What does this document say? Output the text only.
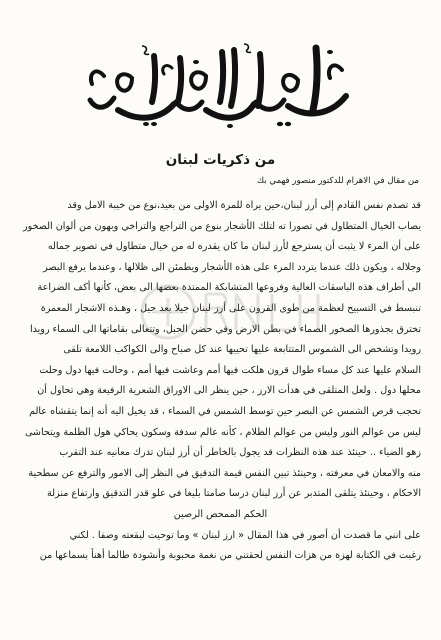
من ذكريات لبنان
من مقال في الاهرام للدكتور منصور فهمي بك
قد تصدم نفس القادم إلى أرز لبنان،حين يراه للمرة الاولى من بعيد،نوع من خيبة الامل وقد
يصاب الخيال المتطاول في تصورا ته لتلك الأشجار بنوع من التراجع والتراخي وبهون من ألوان الصخور
على أن المرء لا يثبت أن يسترجع لأرز لبنان ما كان يقدره له من خيال متطاول في تصوير جماله
وجلاله ، ويكون ذلك عندما يتردد المرء على هذه الأشجار ويطمئن الى ظلالها ، وعندما يرفع البصر
الى أطراف هذه الباسقات العالية وفروعها المتشابكة الممتدة بعضها الى بعض، كأنها أكف الضراعة
تنبسط في التسبيح لعظمة من طوى القرون على أرز لبنان جيلا بعد جيل ، وهـذه الاشجار المعمرة
تخترق بجذورها الصخور الصماء في بطن الارض وفي حضن الجبل، وتتعالى بقاماتها الى السماء رويدا
رويدا وتشخص الى الشموس المتتابعة عليها تحييها عند كل صباح والى الكواكب اللامعة تلقى
السلام عليها عند كل مساء طوال قرون هلكت فيها أمم وعاشت فيها أمم ، وحالت فيها دول وحلت
محلها دول . ولعل المتلقى في هدأت الارز ، حين ينظر الى الاوراق الشعرية الرفيعة وهي تحاول أن
تحجب قرص الشمس عن البصر حين توسط الشمس في السماء ، قد يخيل اليه أنه إنما يتقشاه عالم
ليس من عوالم النور وليس من عوالم الظلام ، كأنه عالم سدفة وسكون يحاكي هول الظلمة ويتحاشى
زهو الضياء .. حينئذ عند هذه النظرات قد يجول بالخاطر أن أرز لبنان تدرك معانيه عند التقرب
منه والامعان في معرفته ، وحينئذ تبين النفس قيمة التدقيق في النظر إلى الامور والترفع عن سطحية
الاحكام ، وحينئذ يتلقى المتدبر عن أرز لبنان درسا صامتا بليغا في علو قدر التدقيق وارتفاع منزلة
الحكم الممحص الرصين
على انني ما قصدت أن أصور في هذا المقال « ارز لبنان » وما توحيت لبقعته وصفا . لكني
رغبت في الكتابة لهزة من هزات النفس لحقتني من نغمة محبوبة وأنشودة طالما أهنأ بسماعها من
